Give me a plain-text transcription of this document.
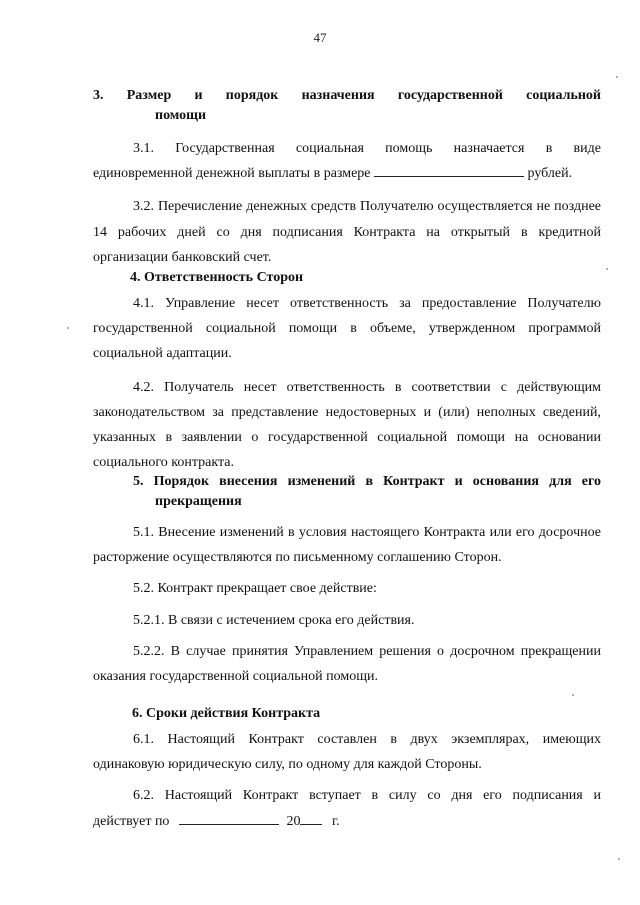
47
3. Размер и порядок назначения государственной социальной
помощи
3.1. Государственная социальная помощь назначается в виде
единовременной денежной выплаты в размере	рублей.
3.2. Перечисление денежных средств Получателю осуществляется не позднее 14 рабочих дней со дня подписания Контракта на открытый в кредитной организации банковский счет.
4. Ответственность Сторон
4.1. Управление несет ответственность за предоставление Получателю государственной социальной помощи в объеме, утвержденном программой социальной адаптации.
4.2. Получатель несет ответственность в соответствии с действующим законодательством за представление недостоверных и (или) неполных сведений, указанных в заявлении о государственной социальной помощи на основании социального контракта.
5. Порядок внесения изменений в Контракт и основания для его
прекращения
5.1. Внесение изменений в условия настоящего Контракта или его досрочное расторжение осуществляются по письменному соглашению Сторон.
5.2. Контракт прекращает свое действие:
5.2.1. В связи с истечением срока его действия.
5.2.2. В случае принятия Управлением решения о досрочном прекращении оказания государственной социальной помощи.
6. Сроки действия Контракта
6.1. Настоящий Контракт составлен в двух экземплярах, имеющих одинаковую юридическую силу, по одному для каждой Стороны.
6.2. Настоящий Контракт вступает в силу со дня его подписания и
действует по	20 г.
